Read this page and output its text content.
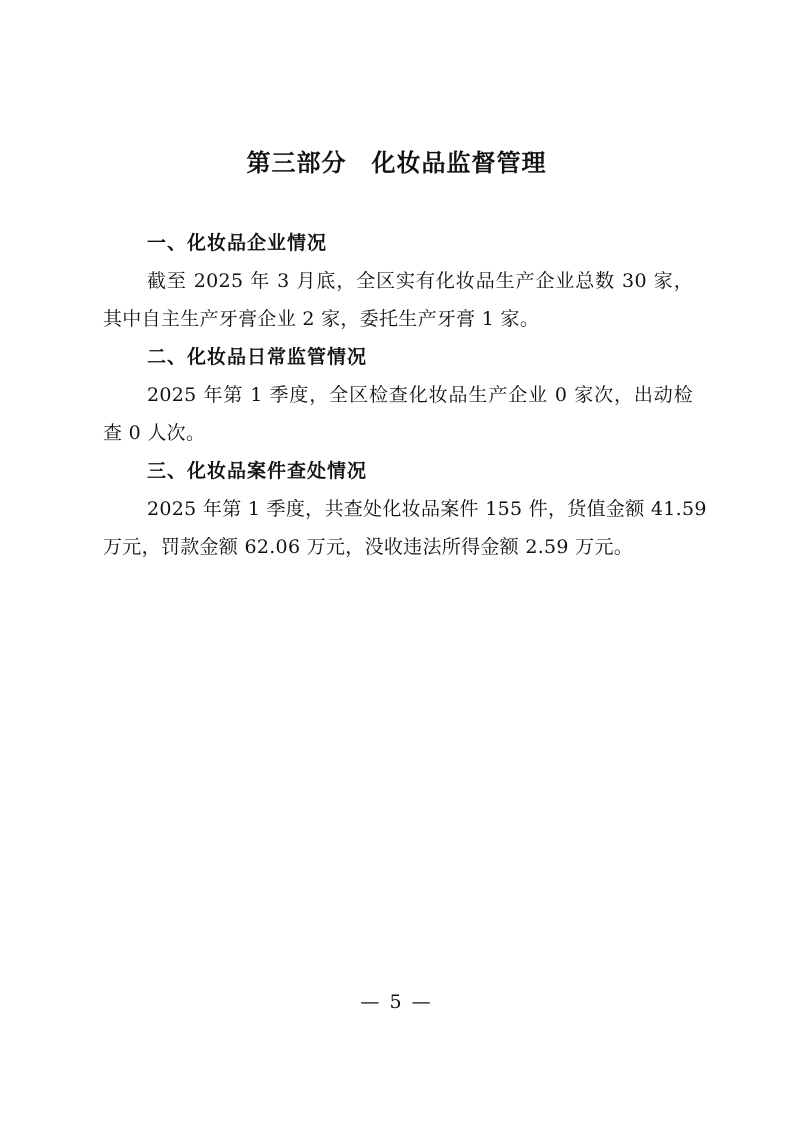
第三部分　化妆品监督管理
一、化妆品企业情况

截至 2025 年 3 月底，全区实有化妆品生产企业总数 30 家，
其中自主生产牙膏企业 2 家，委托生产牙膏 1 家。

二、化妆品日常监管情况

2025 年第 1 季度，全区检查化妆品生产企业 0 家次，出动检
查 0 人次。

三、化妆品案件查处情况

2025 年第 1 季度，共查处化妆品案件 155 件，货值金额 41.59
万元，罚款金额 62.06 万元，没收违法所得金额 2.59 万元。

— 5 —
